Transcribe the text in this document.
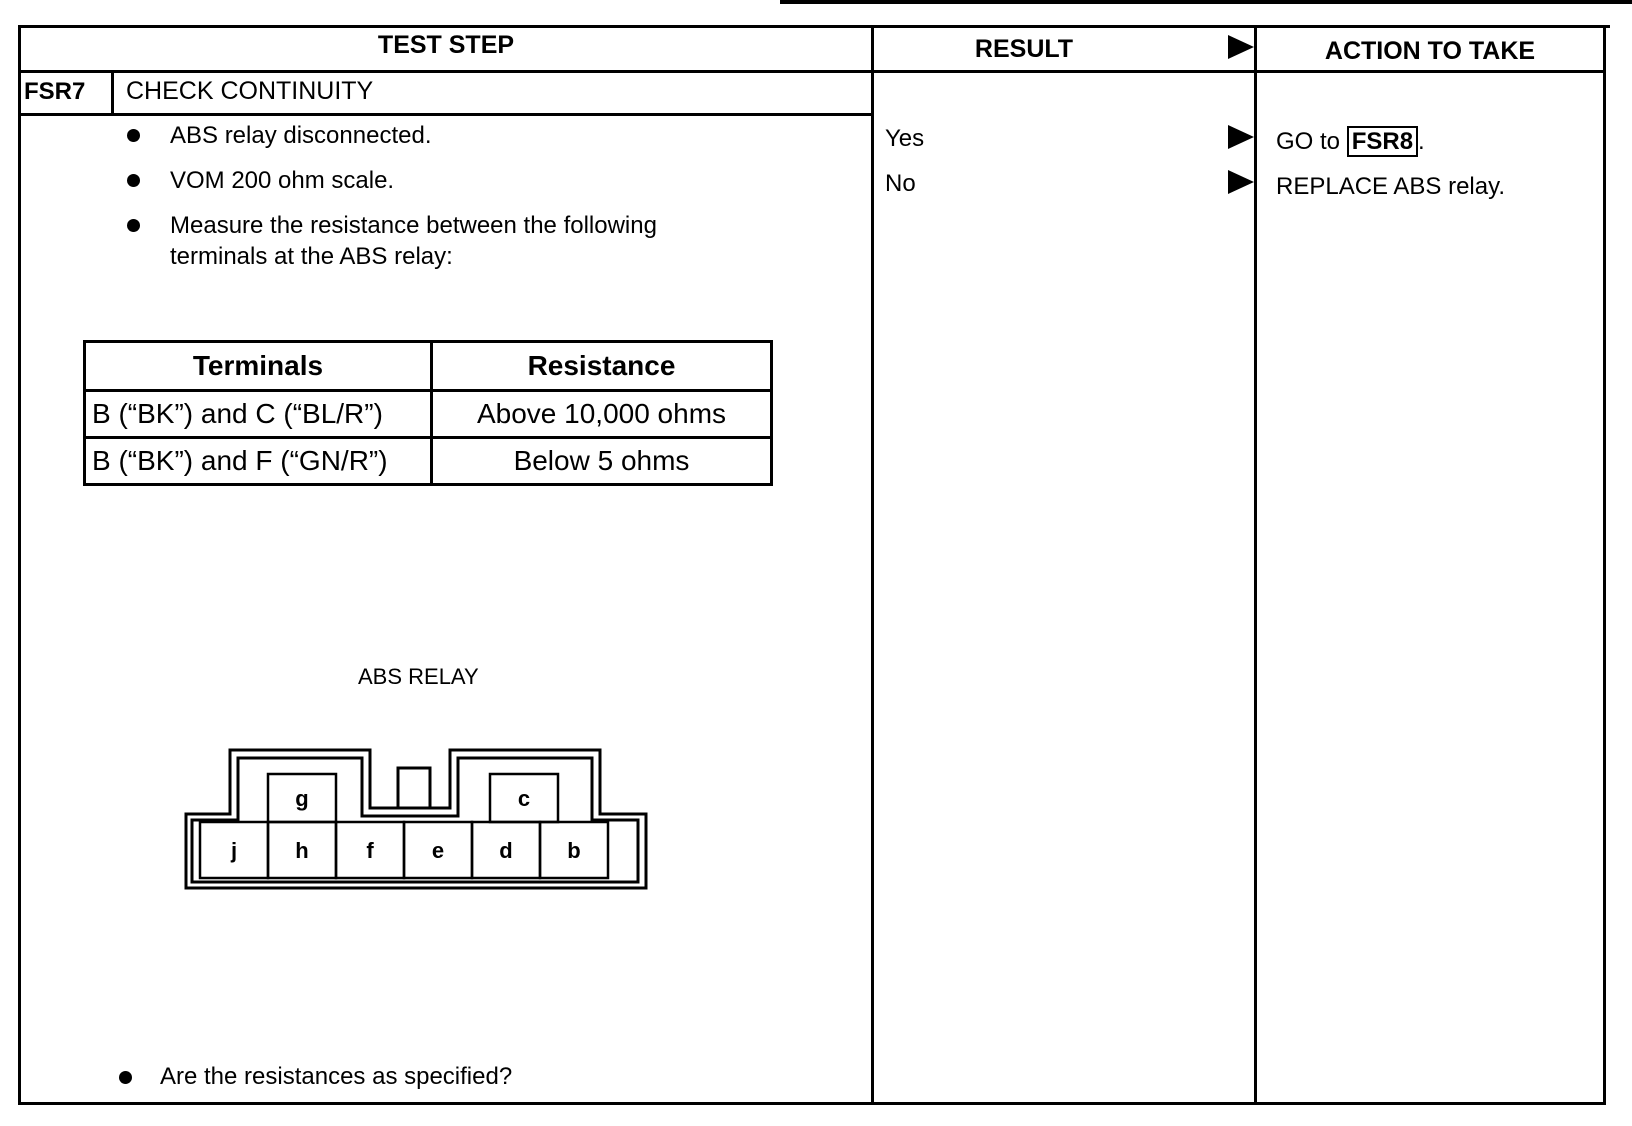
TEST STEP	RESULT	ACTION TO TAKE
FSR7 CHECK CONTINUITY
ABS relay disconnected.
VOM 200 ohm scale.
Measure the resistance between the following
terminals at the ABS relay:
Terminals	Resistance
B (“BK”) and C (“BL/R”)	Above 10,000 ohms
B (“BK”) and F (“GN/R”)	Below 5 ohms
ABS RELAY
g	c
j	h	f	e	d b
Are the resistances as specified?
Yes	GO to FSR8 .
No	REPLACE ABS relay.
